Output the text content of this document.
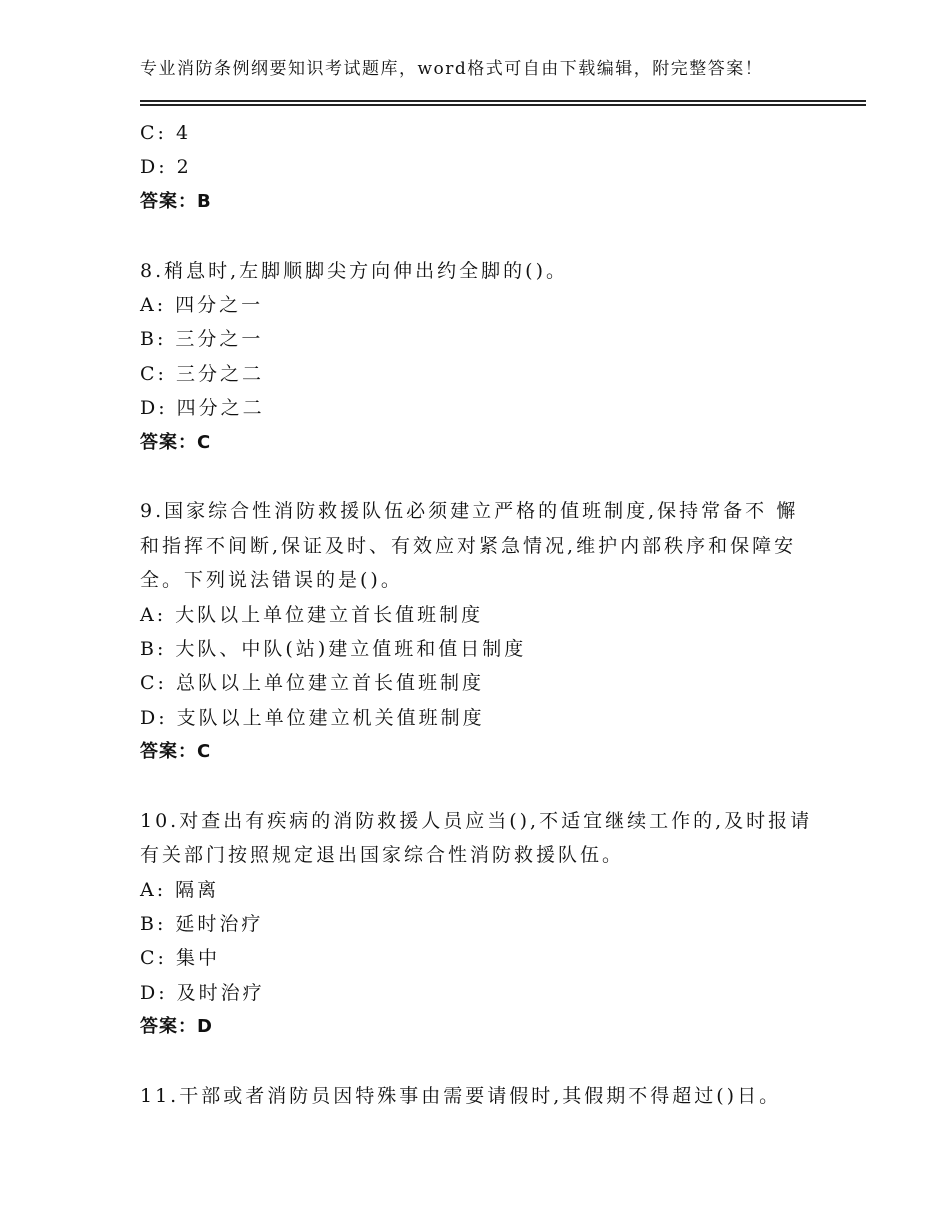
专业消防条例纲要知识考试题库，word格式可自由下载编辑，附完整答案！
C: 4
D: 2
答案：B
8.稍息时,左脚顺脚尖方向伸出约全脚的()。
A: 四分之一
B: 三分之一
C: 三分之二
D: 四分之二
答案：C
9.国家综合性消防救援队伍必须建立严格的值班制度,保持常备不 懈和指挥不间断,保证及时、有效应对紧急情况,维护内部秩序和保障安全。下列说法错误的是()。
A: 大队以上单位建立首长值班制度
B: 大队、中队(站)建立值班和值日制度
C: 总队以上单位建立首长值班制度
D: 支队以上单位建立机关值班制度
答案：C
10.对查出有疾病的消防救援人员应当(),不适宜继续工作的,及时报请有关部门按照规定退出国家综合性消防救援队伍。
A: 隔离
B: 延时治疗
C: 集中
D: 及时治疗
答案：D
11.干部或者消防员因特殊事由需要请假时,其假期不得超过()日。
